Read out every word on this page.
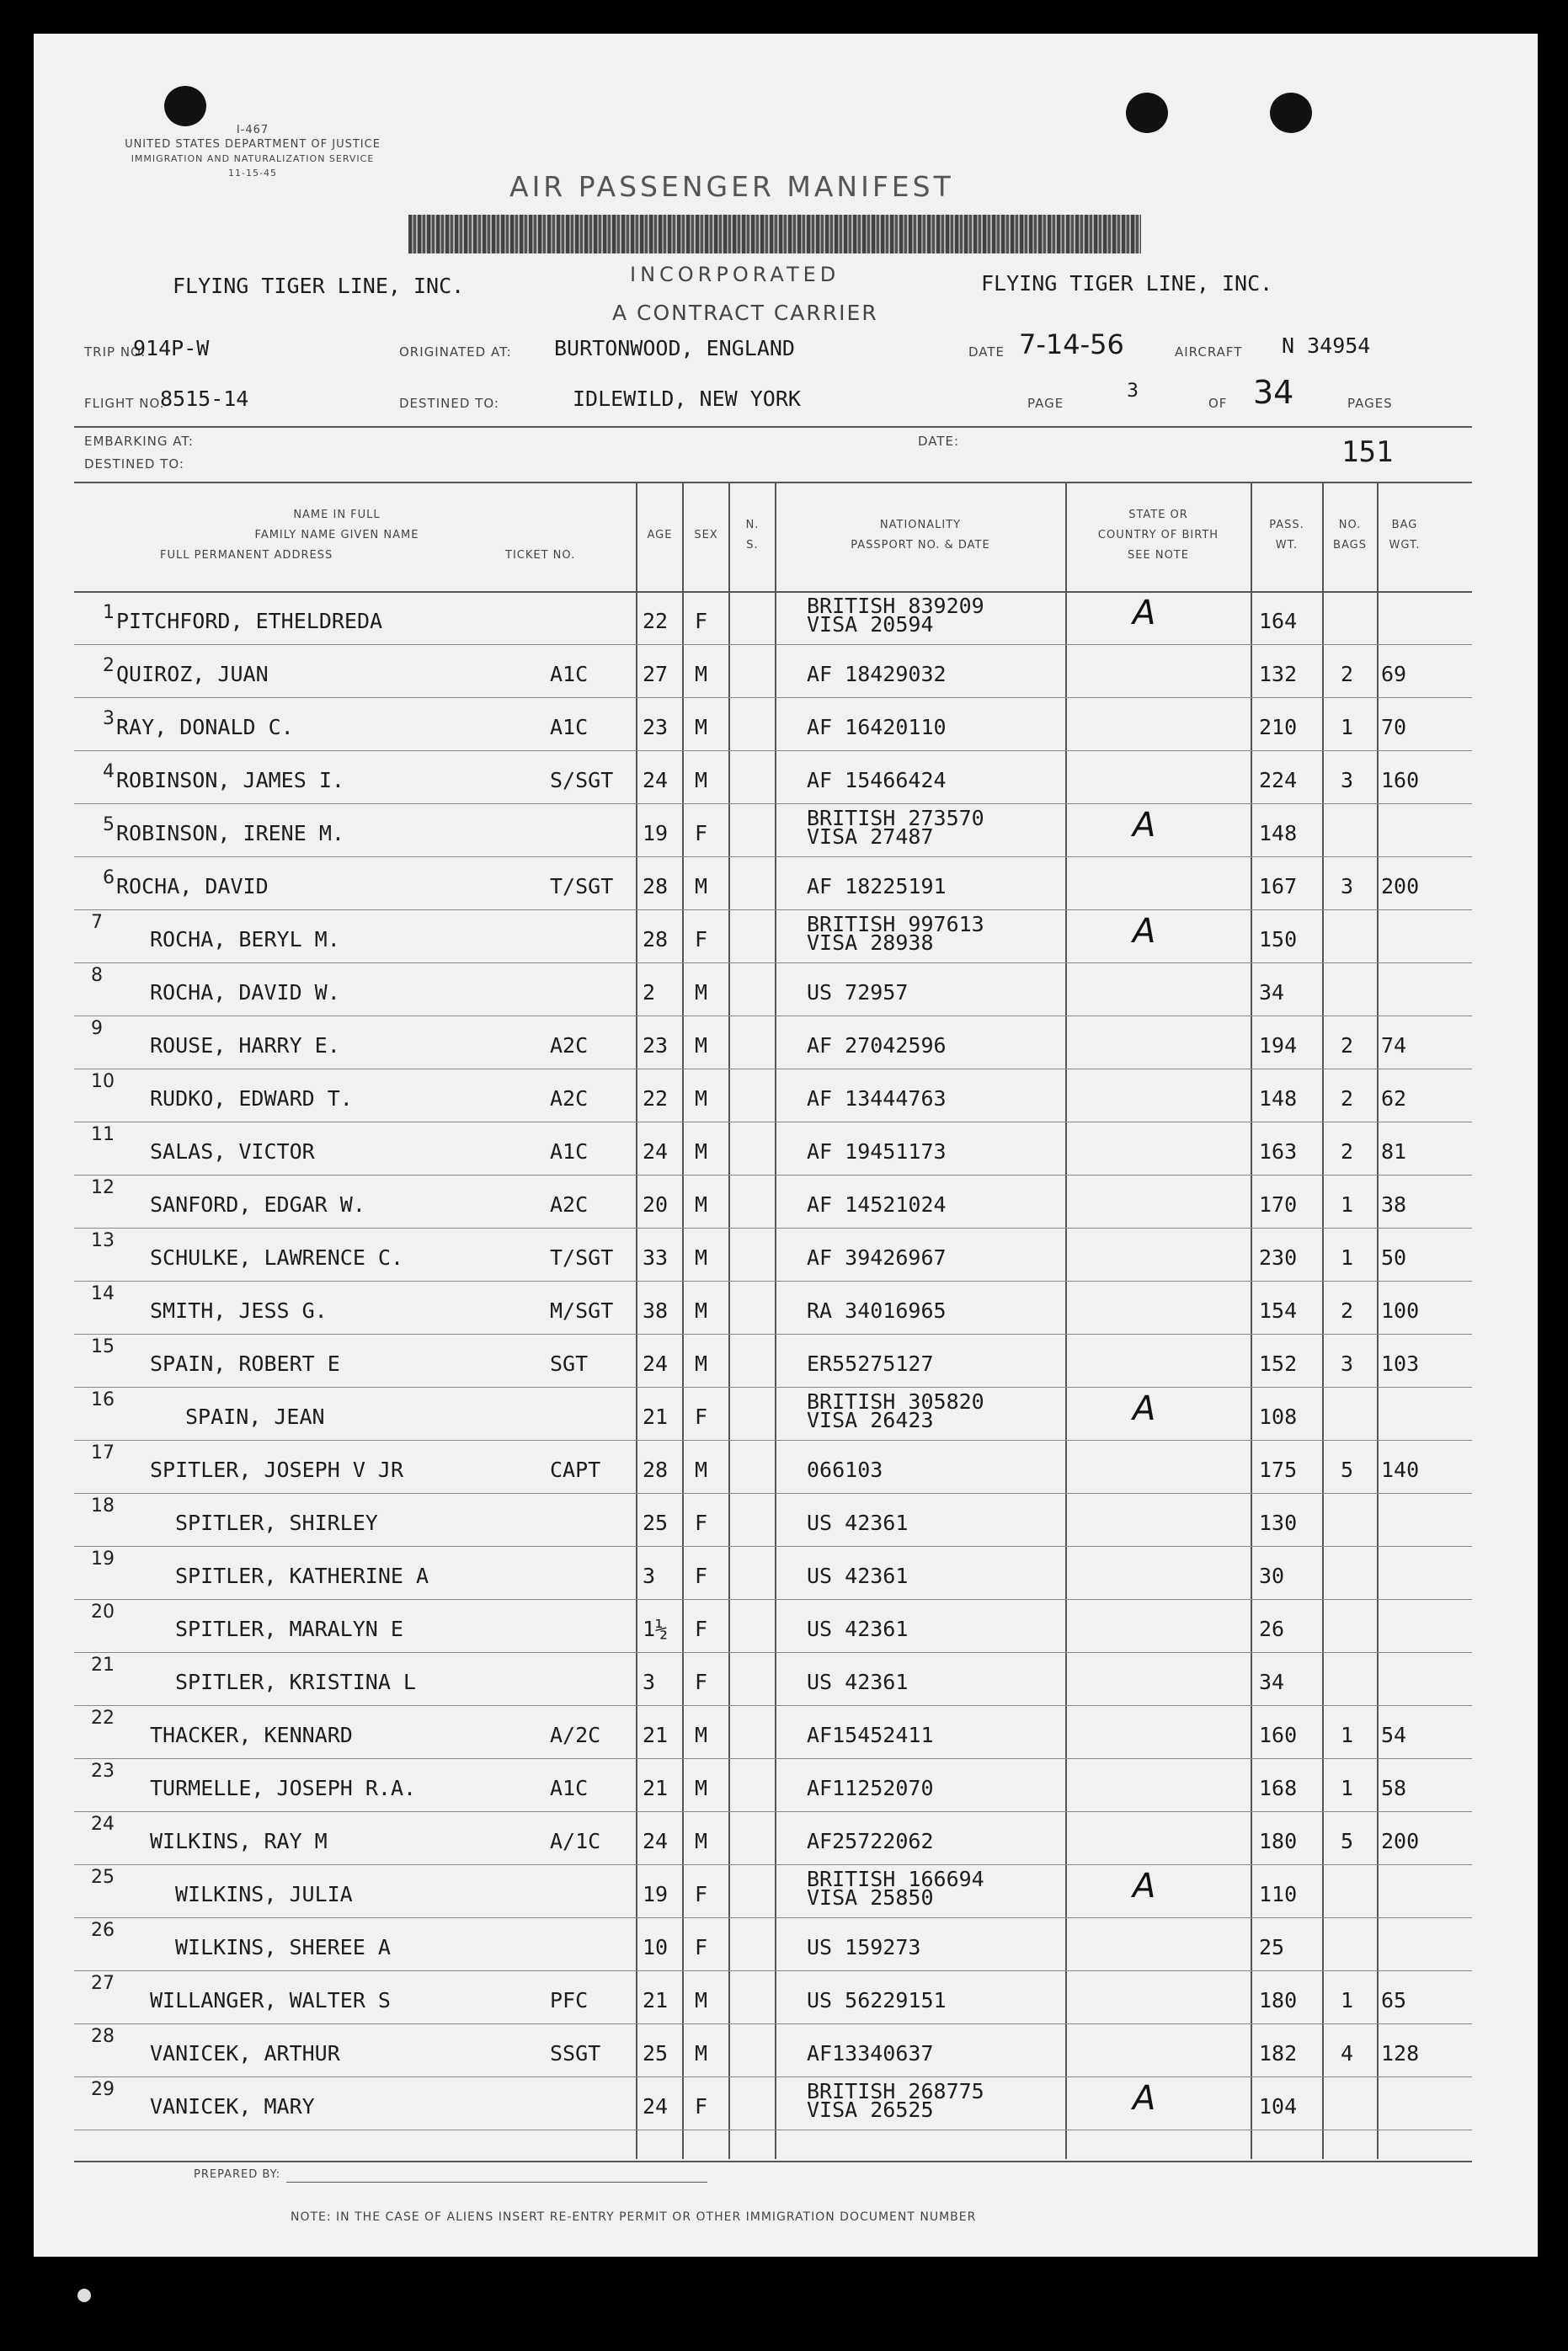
I-467
UNITED STATES DEPARTMENT OF JUSTICE
IMMIGRATION AND NATURALIZATION SERVICE
11-15-45	AIR PASSENGER MANIFEST
FLYING TIGER LINE, INC.	INCORPORATED	FLYING TIGER LINE, INC.
A CONTRACT CARRIER
TRIP NO.
914P-W	ORIGINATED AT: BURTONWOOD, ENGLAND	DATE 7-14-56	AIRCRAFT N 34954
FLIGHT NO.
8515-14	DESTINED TO:	IDLEWILD, NEW YORK	PAGE
3
OF 34	PAGES
EMBARKING AT:	DATE:	151
DESTINED TO:
NAME IN FULL
FAMILY NAME GIVEN NAME
FULL PERMANENT ADDRESS	TICKET NO.
AGE	SEX
N.
S.
NATIONALITY
PASSPORT NO. & DATE
STATE OR
COUNTRY OF BIRTH
SEE NOTE
PASS.
WT.
NO.
BAGS
BAG
WGT.
1 PITCHFORD, ETHELDREDA	22 F
BRITISH 839209
VISA 20594	A	164
2 QUIROZ, JUAN	A1C	27 M	AF 18429032	132 2 69
3 RAY, DONALD C.	A1C	23 M	AF 16420110	210 1 70
4 ROBINSON, JAMES I.	S/SGT 24 M	AF 15466424	224 3 160
5 ROBINSON, IRENE M.	19 F
BRITISH 273570
VISA 27487	A	148
6 ROCHA, DAVID	T/SGT 28 M	AF 18225191	167 3 200
7
ROCHA, BERYL M.	28 F
BRITISH 997613
VISA 28938	A	150
8
ROCHA, DAVID W.	2 M	US 72957	34
9
ROUSE, HARRY E.	A2C	23 M	AF 27042596	194 2 74
10
RUDKO, EDWARD T.	A2C	22 M	AF 13444763	148 2 62
11
SALAS, VICTOR	A1C	24 M	AF 19451173	163 2 81
12
SANFORD, EDGAR W.	A2C	20 M	AF 14521024	170 1 38
13
SCHULKE, LAWRENCE C.	T/SGT 33 M	AF 39426967	230 1 50
14
SMITH, JESS G.	M/SGT 38 M	RA 34016965	154 2 100
15
SPAIN, ROBERT E	SGT	24 M	ER55275127	152 3 103
16
SPAIN, JEAN	21 F
BRITISH 305820
VISA 26423	A	108
17
SPITLER, JOSEPH V JR	CAPT 28 M	066103	175 5 140
18
SPITLER, SHIRLEY	25 F	US 42361	130
19
SPITLER, KATHERINE A	3 F	US 42361	30
20
SPITLER, MARALYN E	1½ F	US 42361	26
21
SPITLER, KRISTINA L	3 F	US 42361	34
22
THACKER, KENNARD	A/2C 21 M	AF15452411	160 1 54
23
TURMELLE, JOSEPH R.A.	A1C	21 M	AF11252070	168 1 58
24
WILKINS, RAY M	A/1C 24 M	AF25722062	180 5 200
25
WILKINS, JULIA	19 F
BRITISH 166694
VISA 25850	A	110
26
WILKINS, SHEREE A	10 F	US 159273	25
27
WILLANGER, WALTER S	PFC	21 M	US 56229151	180 1 65
28
VANICEK, ARTHUR	SSGT 25 M	AF13340637	182 4 128
29
VANICEK, MARY	24 F
BRITISH 268775
VISA 26525	A	104
PREPARED BY:
NOTE: IN THE CASE OF ALIENS INSERT RE-ENTRY PERMIT OR OTHER IMMIGRATION DOCUMENT NUMBER
